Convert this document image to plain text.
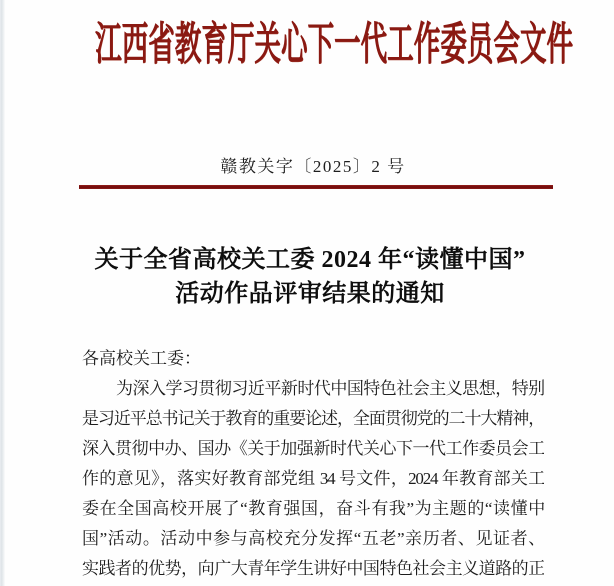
江西省教育厅关心下一代工作委员会文件
赣教关字〔2025〕2 号
关于全省高校关工委 2024 年“读懂中国”
活动作品评审结果的通知
各高校关工委：
为深入学习贯彻习近平新时代中国特色社会主义思想，特别
是习近平总书记关于教育的重要论述，全面贯彻党的二十大精神，
深入贯彻中办、国办《关于加强新时代关心下一代工作委员会工
作的意见》，落实好教育部党组 34 号文件，2024 年教育部关工
委在全国高校开展了“教育强国，奋斗有我”为主题的“读懂中
国”活动。活动中参与高校充分发挥“五老”亲历者、见证者、
实践者的优势，向广大青年学生讲好中国特色社会主义道路的正
